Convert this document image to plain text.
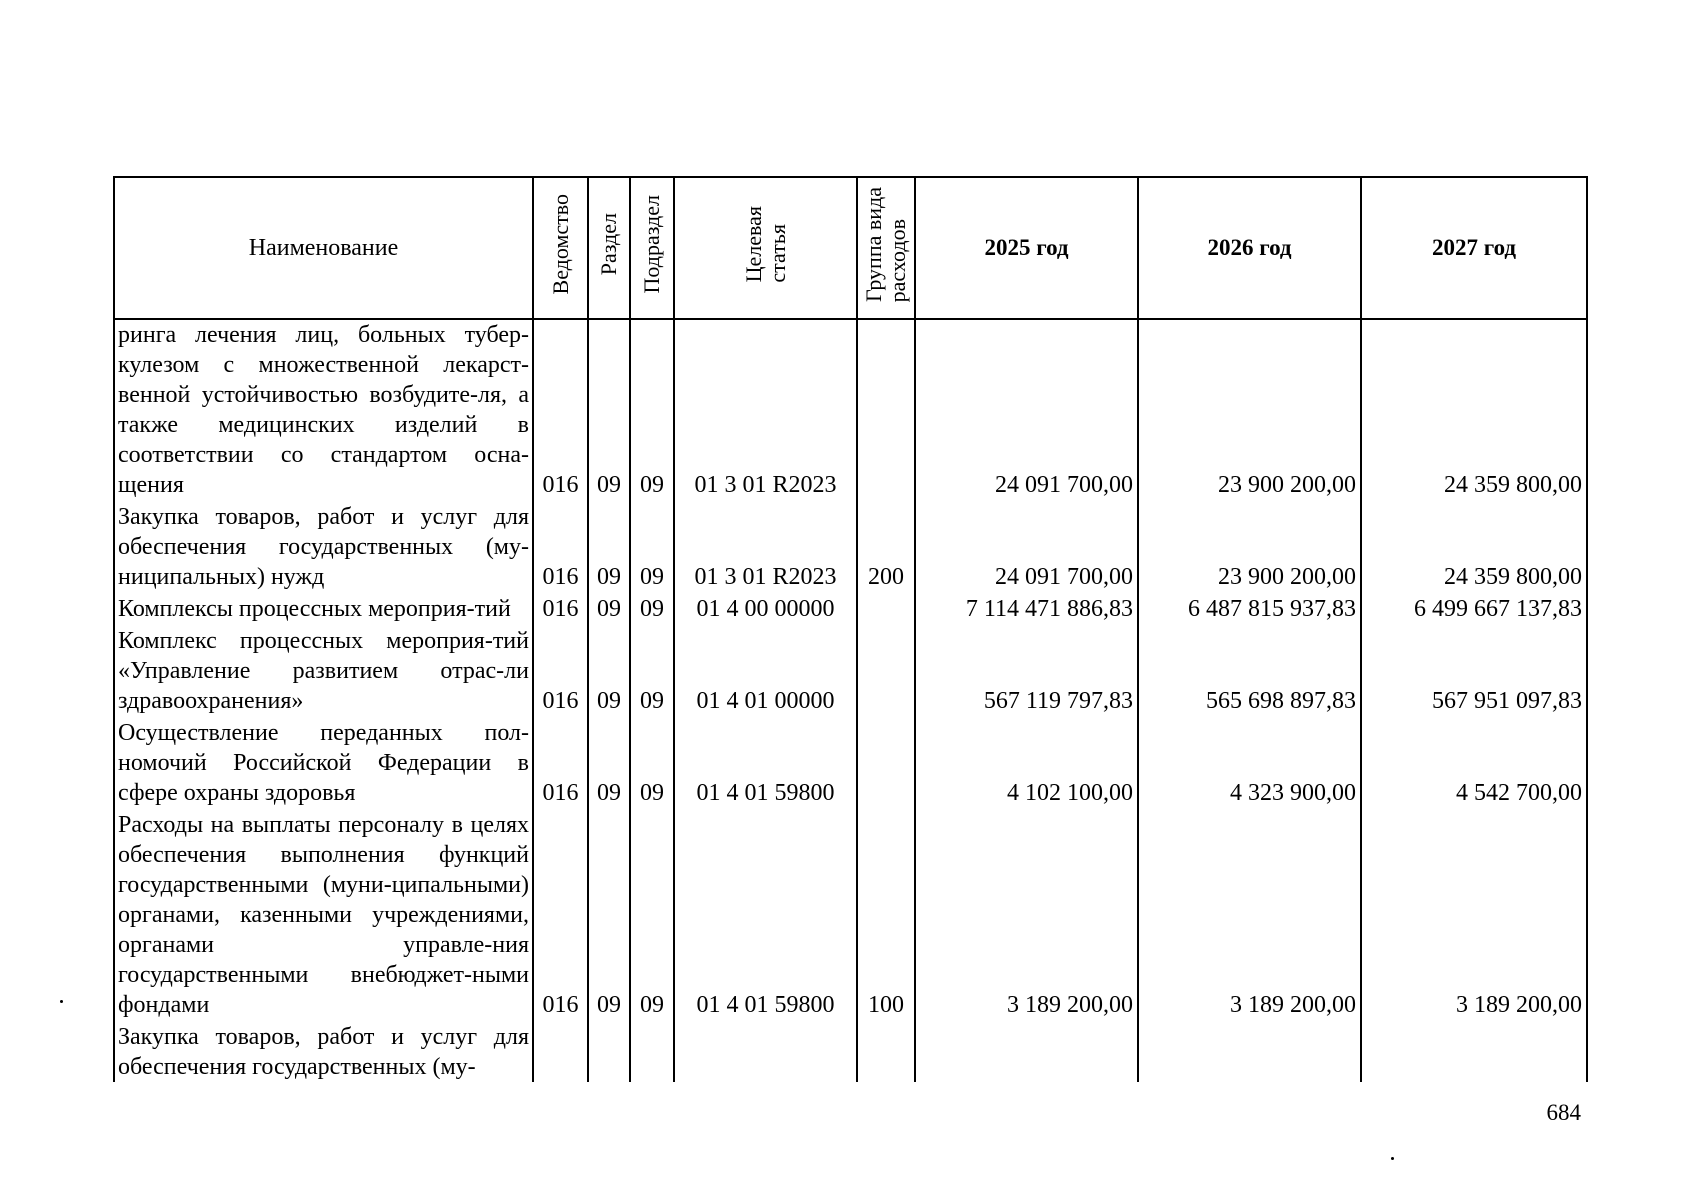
Наименование	Ведомство	Раздел	Подраздел	Целеваястатья	Группа видарасходов	2025 год	2026 год	2027 год
ринга лечения лиц, больных тубер-кулезом с множественной лекарст-венной устойчивостью возбудите-ля, а также медицинских изделий в соответствии со стандартом осна-щения	016	09	09	01 3 01 R2023		24 091 700,00	23 900 200,00	24 359 800,00
Закупка товаров, работ и услуг для обеспечения государственных (му-ниципальных) нужд	016	09	09	01 3 01 R2023	200	24 091 700,00	23 900 200,00	24 359 800,00
Комплексы процессных мероприя-тий	016	09	09	01 4 00 00000		7 114 471 886,83	6 487 815 937,83	6 499 667 137,83
Комплекс процессных мероприя-тий «Управление развитием отрас-ли здравоохранения»	016	09	09	01 4 01 00000		567 119 797,83	565 698 897,83	567 951 097,83
Осуществление переданных пол-номочий Российской Федерации в сфере охраны здоровья	016	09	09	01 4 01 59800		4 102 100,00	4 323 900,00	4 542 700,00
Расходы на выплаты персоналу в целях обеспечения выполнения функций государственными (муни-ципальными) органами, казенными учреждениями, органами управле-ния государственными внебюджет-ными фондами	016	09	09	01 4 01 59800	100	3 189 200,00	3 189 200,00	3 189 200,00
Закупка товаров, работ и услуг для обеспечения государственных (му-								
684
